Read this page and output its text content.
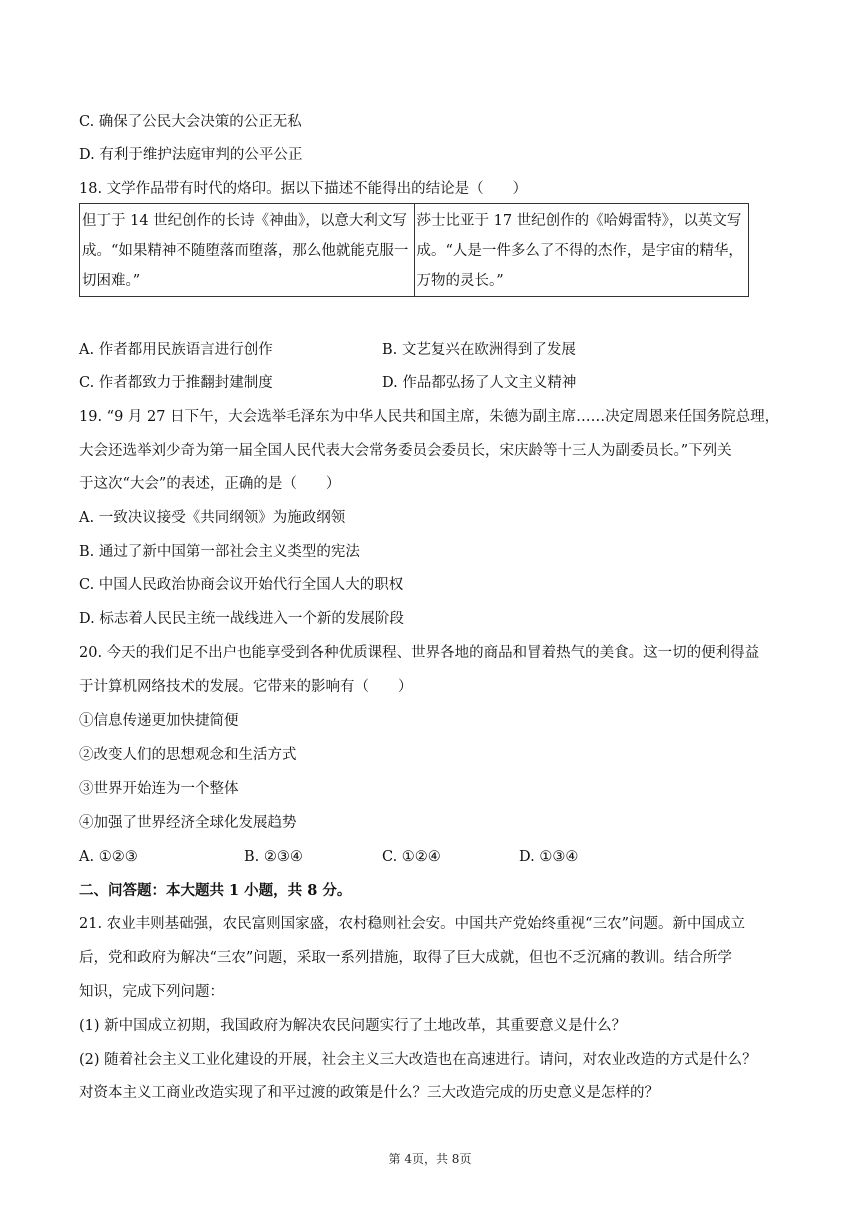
C. 确保了公民大会决策的公正无私
D. 有利于维护法庭审判的公平公正
18. 文学作品带有时代的烙印。据以下描述不能得出的结论是（　　）
但丁于 14 世纪创作的长诗《神曲》，以意大利文写成。“如果精神不随堕落而堕落，那么他就能克服一切困难。”	莎士比亚于 17 世纪创作的《哈姆雷特》，以英文写成。“人是一件多么了不得的杰作，是宇宙的精华，万物的灵长。”
A. 作者都用民族语言进行创作	B. 文艺复兴在欧洲得到了发展
C. 作者都致力于推翻封建制度	D. 作品都弘扬了人文主义精神
19. “9 月 27 日下午，大会选举毛泽东为中华人民共和国主席，朱德为副主席……决定周恩来任国务院总理，
大会还选举刘少奇为第一届全国人民代表大会常务委员会委员长，宋庆龄等十三人为副委员长。”下列关
于这次“大会”的表述，正确的是（　　）
A. 一致决议接受《共同纲领》为施政纲领
B. 通过了新中国第一部社会主义类型的宪法
C. 中国人民政治协商会议开始代行全国人大的职权
D. 标志着人民民主统一战线进入一个新的发展阶段
20. 今天的我们足不出户也能享受到各种优质课程、世界各地的商品和冒着热气的美食。这一切的便利得益
于计算机网络技术的发展。它带来的影响有（　　）
①信息传递更加快捷简便
②改变人们的思想观念和生活方式
③世界开始连为一个整体
④加强了世界经济全球化发展趋势
A. ①②③	B. ②③④	C. ①②④	D. ①③④
二、问答题：本大题共 1 小题，共 8 分。
21. 农业丰则基础强，农民富则国家盛，农村稳则社会安。中国共产党始终重视“三农”问题。新中国成立
后，党和政府为解决“三农”问题，采取一系列措施，取得了巨大成就，但也不乏沉痛的教训。结合所学
知识，完成下列问题：
(1) 新中国成立初期，我国政府为解决农民问题实行了土地改革，其重要意义是什么？
(2) 随着社会主义工业化建设的开展，社会主义三大改造也在高速进行。请问，对农业改造的方式是什么？
对资本主义工商业改造实现了和平过渡的政策是什么？三大改造完成的历史意义是怎样的？
第 4页，共 8页
